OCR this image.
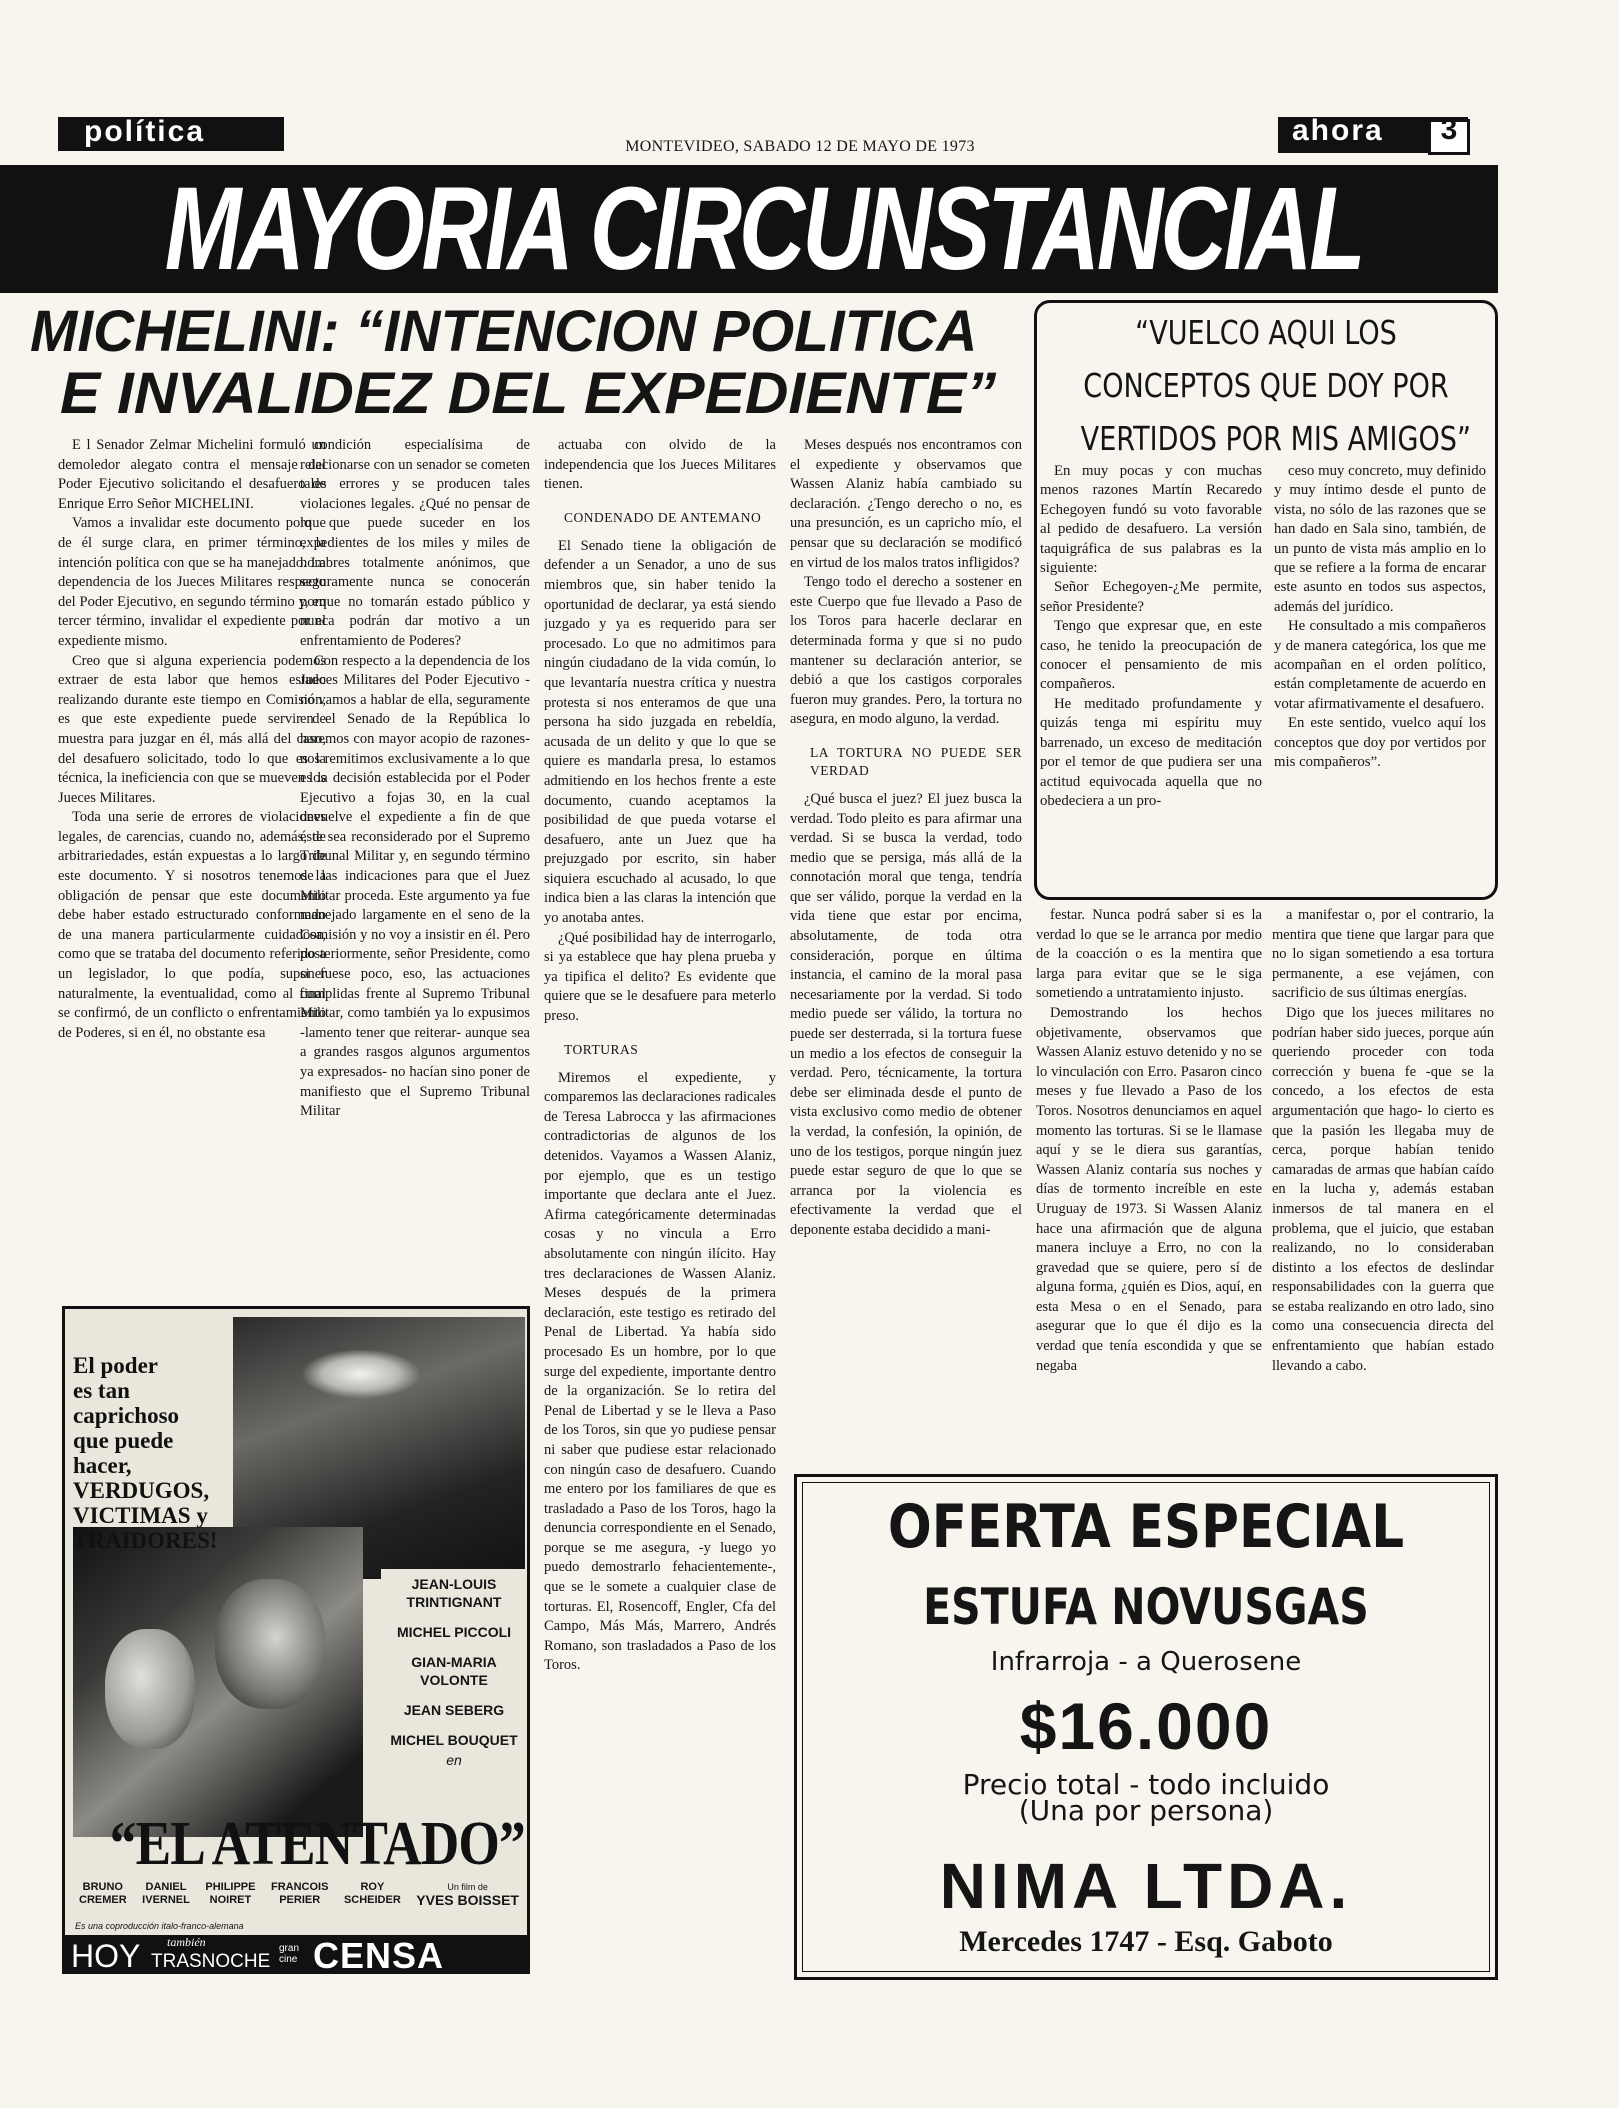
política	MONTEVIDEO, SABADO 12 DE MAYO DE 1973	ahora 3
MAYORIA CIRCUNSTANCIAL
MICHELINI: “INTENCION POLITICA
E INVALIDEZ DEL EXPEDIENTE”
“VUELCO AQUI LOS
CONCEPTOS QUE DOY POR
VERTIDOS POR MIS AMIGOS”

En muy pocas y con muchas menos razones Martín Recaredo Echegoyen fundó su voto favorable al pedido de desafuero. La versión taquigráfica de sus palabras es la siguiente:

Señor Echegoyen-¿Me permite, señor Presidente?

Tengo que expresar que, en este caso, he tenido la preocupación de conocer el pensamiento de mis compañeros.

He meditado profundamente y quizás tenga mi espíritu muy barrenado, un exceso de meditación por el temor de que pudiera ser una actitud equivocada aquella que no obedeciera a un pro-

ceso muy concreto, muy definido y muy íntimo desde el punto de vista, no sólo de las razones que se han dado en Sala sino, también, de un punto de vista más amplio en lo que se refiere a la forma de encarar este asunto en todos sus aspectos, además del jurídico.

He consultado a mis compañeros y de manera categórica, los que me acompañan en el orden político, están completamente de acuerdo en votar afirmativamente el desafuero.

En este sentido, vuelco aquí los conceptos que doy por vertidos por mis compañeros”.

E l Senador Zelmar Michelini formuló un demoledor alegato contra el mensaje del Poder Ejecutivo solicitando el desafuero de Enrique Erro Señor MICHELINI.

Vamos a invalidar este documento porque de él surge clara, en primer término, la intención política con que se ha manejado. La dependencia de los Jueces Militares respecto del Poder Ejecutivo, en segundo término y, en tercer término, invalidar el expediente por el expediente mismo.

Creo que si alguna experiencia podemos extraer de esta labor que hemos estado realizando durante este tiempo en Comisión, es que este expediente puede servir de muestra para juzgar en él, más allá del caso, del desafuero solicitado, todo lo que es la técnica, la ineficiencia con que se mueven los Jueces Militares.

Toda una serie de errores de violaciones legales, de carencias, cuando no, además, de arbitrariedades, están expuestas a lo largo de este documento. Y si nosotros tenemos la obligación de pensar que este documento debe haber estado estructurado conformado de una manera particularmente cuidadosa, como que se trataba del documento referido a un legislador, lo que podía, suponer naturalmente, la eventualidad, como al final se confirmó, de un conflicto o enfrentamiento de Poderes, si en él, no obstante esa

condición especialísima de relacionarse con un senador se cometen tales errores y se producen tales violaciones legales. ¿Qué no pensar de lo que puede suceder en los expedientes de los miles y miles de hombres totalmente anónimos, que seguramente nunca se conocerán porque no tomarán estado público y nunca podrán dar motivo a un enfrentamiento de Poderes?

Con respecto a la dependencia de los Jueces Militares del Poder Ejecutivo -no vamos a hablar de ella, seguramente en el Senado de la República lo haremos con mayor acopio de razones- nos remitimos exclusivamente a lo que es la decisión establecida por el Poder Ejecutivo a fojas 30, en la cual devuelve el expediente a fin de que éste sea reconsiderado por el Supremo Tribunal Militar y, en segundo término de las indicaciones para que el Juez Militar proceda. Este argumento ya fue manejado largamente en el seno de la Comisión y no voy a insistir en él. Pero posteriormente, señor Presidente, como si fuese poco, eso, las actuaciones cumplidas frente al Supremo Tribunal Militar, como también ya lo expusimos -lamento tener que reiterar- aunque sea a grandes rasgos algunos argumentos ya expresados- no hacían sino poner de manifiesto que el Supremo Tribunal Militar

actuaba con olvido de la independencia que los Jueces Militares tienen.

CONDENADO DE ANTEMANO

El Senado tiene la obligación de defender a un Senador, a uno de sus miembros que, sin haber tenido la oportunidad de declarar, ya está siendo juzgado y ya es requerido para ser procesado. Lo que no admitimos para ningún ciudadano de la vida común, lo que levantaría nuestra crítica y nuestra protesta si nos enteramos de que una persona ha sido juzgada en rebeldía, acusada de un delito y que lo que se quiere es mandarla presa, lo estamos admitiendo en los hechos frente a este documento, cuando aceptamos la posibilidad de que pueda votarse el desafuero, ante un Juez que ha prejuzgado por escrito, sin haber siquiera escuchado al acusado, lo que indica bien a las claras la intención que yo anotaba antes.

¿Qué posibilidad hay de interrogarlo, si ya establece que hay plena prueba y ya tipifica el delito? Es evidente que quiere que se le desafuere para meterlo preso.

TORTURAS

Miremos el expediente, y comparemos las declaraciones radicales de Teresa Labrocca y las afirmaciones contradictorias de algunos de los detenidos. Vayamos a Wassen Alaniz, por ejemplo, que es un testigo importante que declara ante el Juez. Afirma categóricamente determinadas cosas y no vincula a Erro absolutamente con ningún ilícito. Hay tres declaraciones de Wassen Alaniz. Meses después de la primera declaración, este testigo es retirado del Penal de Libertad. Ya había sido procesado Es un hombre, por lo que surge del expediente, importante dentro de la organización. Se lo retira del Penal de Libertad y se le lleva a Paso de los Toros, sin que yo pudiese pensar ni saber que pudiese estar relacionado con ningún caso de desafuero. Cuando me entero por los familiares de que es trasladado a Paso de los Toros, hago la denuncia correspondiente en el Senado, porque se me asegura, -y luego yo puedo demostrarlo fehacientemente-, que se le somete a cualquier clase de torturas. El, Rosencoff, Engler, Cfa del Campo, Más Más, Marrero, Andrés Romano, son trasladados a Paso de los Toros.

Meses después nos encontramos con el expediente y observamos que Wassen Alaniz había cambiado su declaración. ¿Tengo derecho o no, es una presunción, es un capricho mío, el pensar que su declaración se modificó en virtud de los malos tratos infligidos?

Tengo todo el derecho a sostener en este Cuerpo que fue llevado a Paso de los Toros para hacerle declarar en determinada forma y que si no pudo mantener su declaración anterior, se debió a que los castigos corporales fueron muy grandes. Pero, la tortura no asegura, en modo alguno, la verdad.

LA TORTURA NO PUEDE SER VERDAD

¿Qué busca el juez? El juez busca la verdad. Todo pleito es para afirmar una verdad. Si se busca la verdad, todo medio que se persiga, más allá de la connotación moral que tenga, tendría que ser válido, porque la verdad en la vida tiene que estar por encima, absolutamente, de toda otra consideración, porque en última instancia, el camino de la moral pasa necesariamente por la verdad. Si todo medio puede ser válido, la tortura no puede ser desterrada, si la tortura fuese un medio a los efectos de conseguir la verdad. Pero, técnicamente, la tortura debe ser eliminada desde el punto de vista exclusivo como medio de obtener la verdad, la confesión, la opinión, de uno de los testigos, porque ningún juez puede estar seguro de que lo que se arranca por la violencia es efectivamente la verdad que el deponente estaba decidido a mani-

festar. Nunca podrá saber si es la verdad lo que se le arranca por medio de la coacción o es la mentira que larga para evitar que se le siga sometiendo a untratamiento injusto.

Demostrando los hechos objetivamente, observamos que Wassen Alaniz estuvo detenido y no se lo vinculación con Erro. Pasaron cinco meses y fue llevado a Paso de los Toros. Nosotros denunciamos en aquel momento las torturas. Si se le llamase aquí y se le diera sus garantías, Wassen Alaniz contaría sus noches y días de tormento increíble en este Uruguay de 1973. Si Wassen Alaniz hace una afirmación que de alguna manera incluye a Erro, no con la gravedad que se quiere, pero sí de alguna forma, ¿quién es Dios, aquí, en esta Mesa o en el Senado, para asegurar que lo que él dijo es la verdad que tenía escondida y que se negaba

a manifestar o, por el contrario, la mentira que tiene que largar para que no lo sigan sometiendo a esa tortura permanente, a ese vejámen, con sacrificio de sus últimas energías.

Digo que los jueces militares no podrían haber sido jueces, porque aún queriendo proceder con toda corrección y buena fe -que se la concedo, a los efectos de esta argumentación que hago- lo cierto es que la pasión les llegaba muy de cerca, porque habían tenido camaradas de armas que habían caído en la lucha y, además estaban inmersos de tal manera en el problema, que el juicio, que estaban realizando, no lo consideraban distinto a los efectos de deslindar responsabilidades con la guerra que se estaba realizando en otro lado, sino como una consecuencia directa del enfrentamiento que habían estado llevando a cabo.

El poder
es tan
caprichoso
que puede
hacer,
VERDUGOS,
VICTIMAS y
TRAIDORES!
JEAN-LOUIS TRINTIGNANT
MICHEL PICCOLI
GIAN-MARIA VOLONTE
JEAN SEBERG
MICHEL BOUQUET
en
“EL ATENTADO”
BRUNO
CREMER
DANIEL
IVERNEL
PHILIPPE
NOIRET
FRANCOIS
PERIER
ROY
SCHEIDER
Un film de
YVES BOISSET
Es una coproducción italo-franco-alemana
HOY también
TRASNOCHE
gran cine CENSA
OFERTA ESPECIAL
ESTUFA NOVUSGAS
Infrarroja - a Querosene
$16.000
Precio total - todo incluido
(Una por persona)
NIMA LTDA.
Mercedes 1747 - Esq. Gaboto
